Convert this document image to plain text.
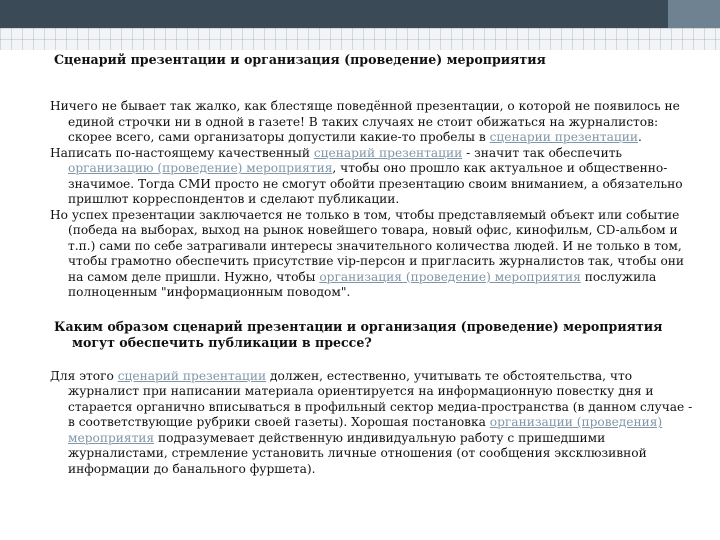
Сценарий презентации и организация (проведение) мероприятия

Ничего не бывает так жалко, как блестяще поведённой презентации, о которой не появилось не единой строчки ни в одной в газете! В таких случаях не стоит обижаться на журналистов: скорее всего, сами организаторы допустили какие-то пробелы в сценарии презентации.

Написать по-настоящему качественный сценарий презентации - значит так обеспечить организацию (проведение) мероприятия, чтобы оно прошло как актуальное и общественно-значимое. Тогда СМИ просто не смогут обойти презентацию своим вниманием, а обязательно пришлют корреспондентов и сделают публикации.

Но успех презентации заключается не только в том, чтобы представляемый объект или событие (победа на выборах, выход на рынок новейшего товара, новый офис, кинофильм, CD-альбом и т.п.) сами по себе затрагивали интересы значительного количества людей. И не только в том, чтобы грамотно обеспечить присутствие vip-персон и пригласить журналистов так, чтобы они на самом деле пришли. Нужно, чтобы организация (проведение) мероприятия послужила полноценным "информационным поводом".

Каким образом сценарий презентации и организация (проведение) мероприятия могут обеспечить публикации в прессе?

Для этого сценарий презентации должен, естественно, учитывать те обстоятельства, что журналист при написании материала ориентируется на информационную повестку дня и старается органично вписываться в профильный сектор медиа-пространства (в данном случае - в соответствующие рубрики своей газеты). Хорошая постановка организации (проведения) мероприятия подразумевает действенную индивидуальную работу с пришедшими журналистами, стремление установить личные отношения (от сообщения эксклюзивной информации до банального фуршета).
